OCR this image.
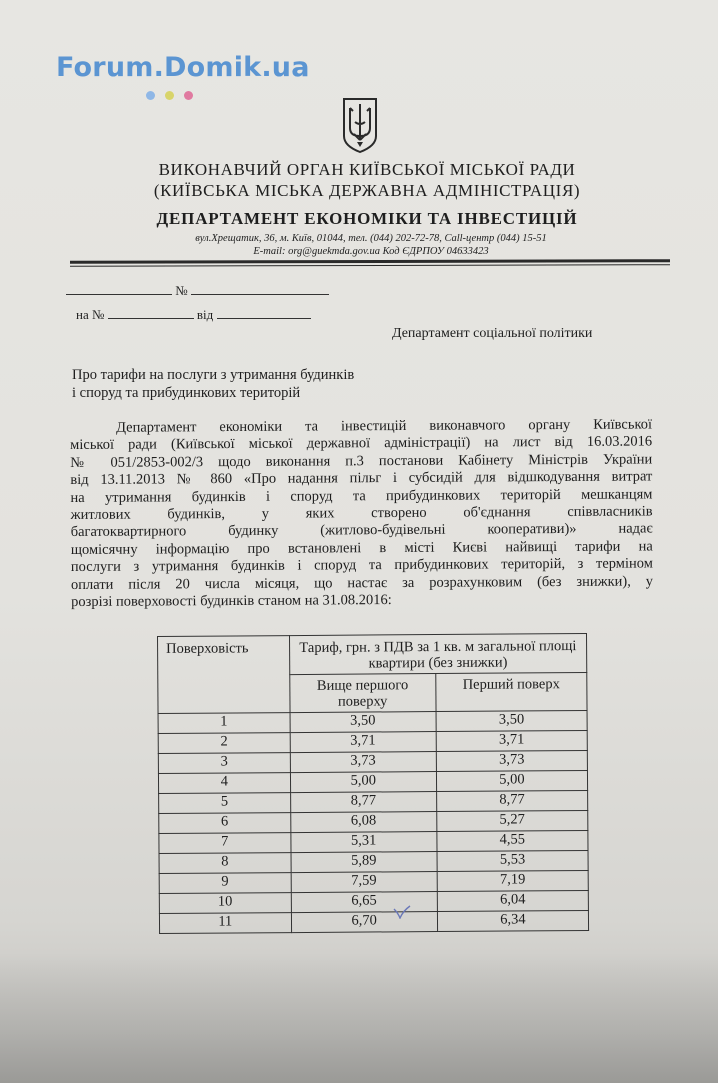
Forum.Domik.ua
ВИКОНАВЧИЙ ОРГАН КИЇВСЬКОЇ МІСЬКОЇ РАДИ
(КИЇВСЬКА МІСЬКА ДЕРЖАВНА АДМІНІСТРАЦІЯ)
ДЕПАРТАМЕНТ ЕКОНОМІКИ ТА ІНВЕСТИЦІЙ
вул.Хрещатик, 36, м. Київ, 01044, тел. (044) 202-72-78, Call-центр (044) 15-51
E-mail: org@guekmda.gov.ua Код ЄДРПОУ 04633423
№
на №	від
Департамент соціальної політики
Про тарифи на послуги з утримання будинків
і споруд та прибудинкових територій
Департамент економіки та інвестицій виконавчого органу Київської
міської ради (Київської міської державної адміністрації) на лист від 16.03.2016
№ 051/2853-002/3 щодо виконання п.3 постанови Кабінету Міністрів України
від 13.11.2013 № 860 «Про надання пільг і субсидій для відшкодування витрат
на утримання будинків і споруд та прибудинкових територій мешканцям
житлових будинків, у яких створено об'єднання співвласників
багатоквартирного будинку (житлово-будівельні кооперативи)» надає
щомісячну інформацію про встановлені в місті Києві найвищі тарифи на
послуги з утримання будинків і споруд та прибудинкових територій, з терміном
оплати після 20 числа місяця, що настає за розрахунковим (без знижки), у
розрізі поверховості будинків станом на 31.08.2016:
Поверховість	Тариф, грн. з ПДВ за 1 кв. м загальної площі квартири (без знижки)	
	Вище першого поверху	Перший поверх
1	3,50	3,50
2	3,71	3,71
3	3,73	3,73
4	5,00	5,00
5	8,77	8,77
6	6,08	5,27
7	5,31	4,55
8	5,89	5,53
9	7,59	7,19
10	6,65	6,04
11	6,70	6,34
